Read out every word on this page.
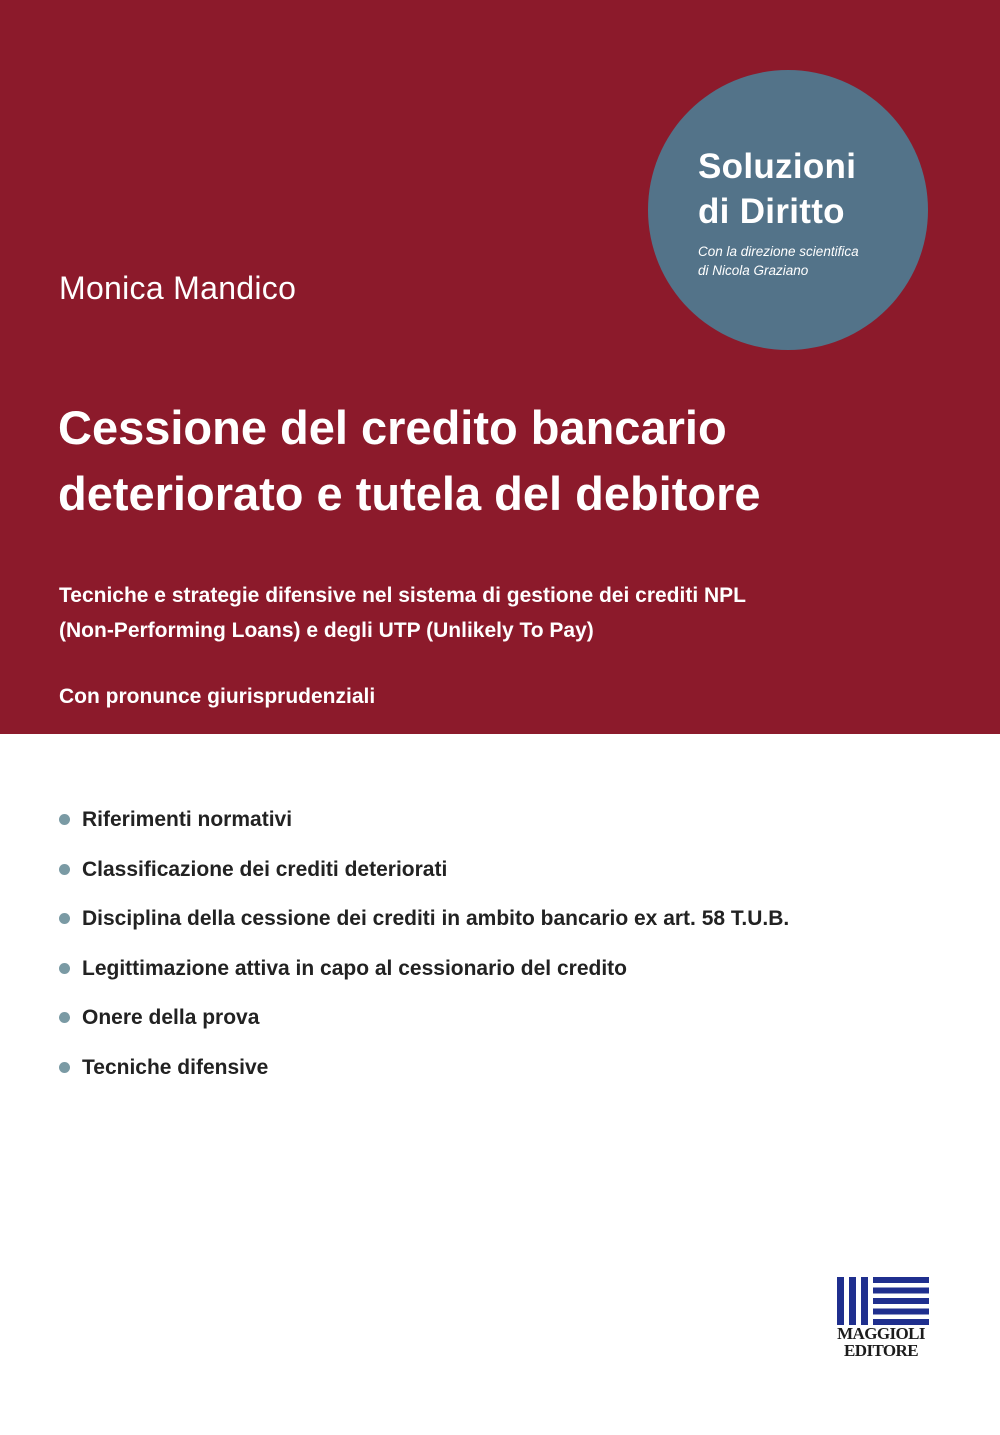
Soluzioni
di Diritto
Con la direzione scientifica
di Nicola Graziano
Monica Mandico
Cessione del credito bancario
deteriorato e tutela del debitore
Tecniche e strategie difensive nel sistema di gestione dei crediti NPL
(Non-Performing Loans) e degli UTP (Unlikely To Pay)
Con pronunce giurisprudenziali
Riferimenti normativi
Classificazione dei crediti deteriorati
Disciplina della cessione dei crediti in ambito bancario ex art. 58 T.U.B.
Legittimazione attiva in capo al cessionario del credito
Onere della prova
Tecniche difensive
MAGGIOLI
EDITORE
